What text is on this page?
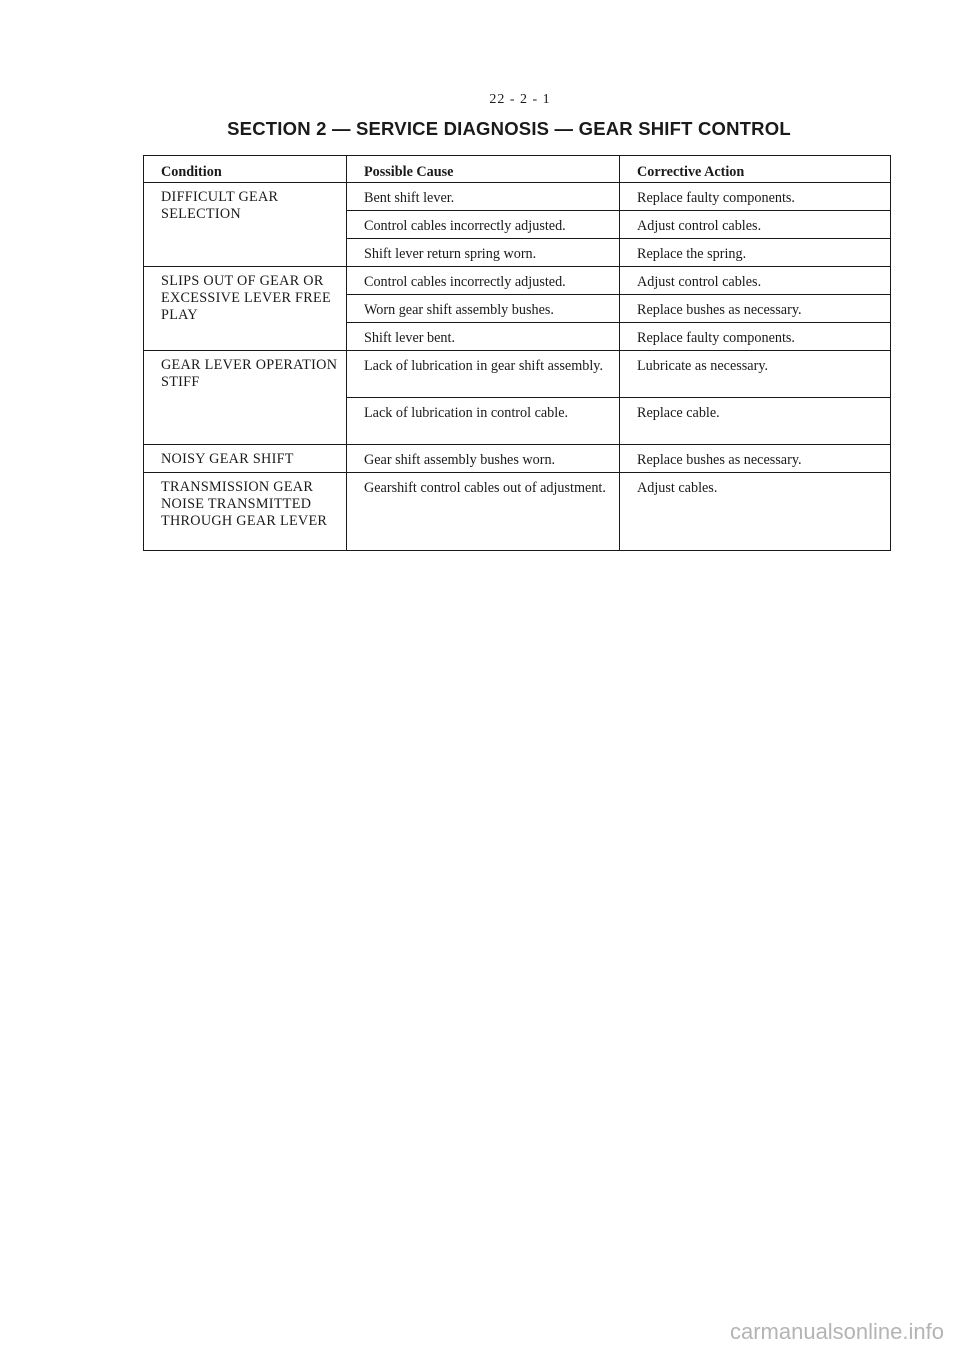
22 - 2 - 1
SECTION 2 — SERVICE DIAGNOSIS — GEAR SHIFT CONTROL
Condition	Possible Cause	Corrective Action
DIFFICULT GEAR SELECTION	Bent shift lever.	Replace faulty components.
	Control cables incorrectly adjusted.	Adjust control cables.
	Shift lever return spring worn.	Replace the spring.
SLIPS OUT OF GEAR OR EXCESSIVE LEVER FREE PLAY	Control cables incorrectly adjusted.	Adjust control cables.
	Worn gear shift assembly bushes.	Replace bushes as necessary.
	Shift lever bent.	Replace faulty components.
GEAR LEVER OPERATION STIFF	Lack of lubrication in gear shift assembly.	Lubricate as necessary.
	Lack of lubrication in control cable.	Replace cable.
NOISY GEAR SHIFT	Gear shift assembly bushes worn.	Replace bushes as necessary.
TRANSMISSION GEAR NOISE TRANSMITTED THROUGH GEAR LEVER	Gearshift control cables out of adjustment.	Adjust cables.
carmanualsonline.info
